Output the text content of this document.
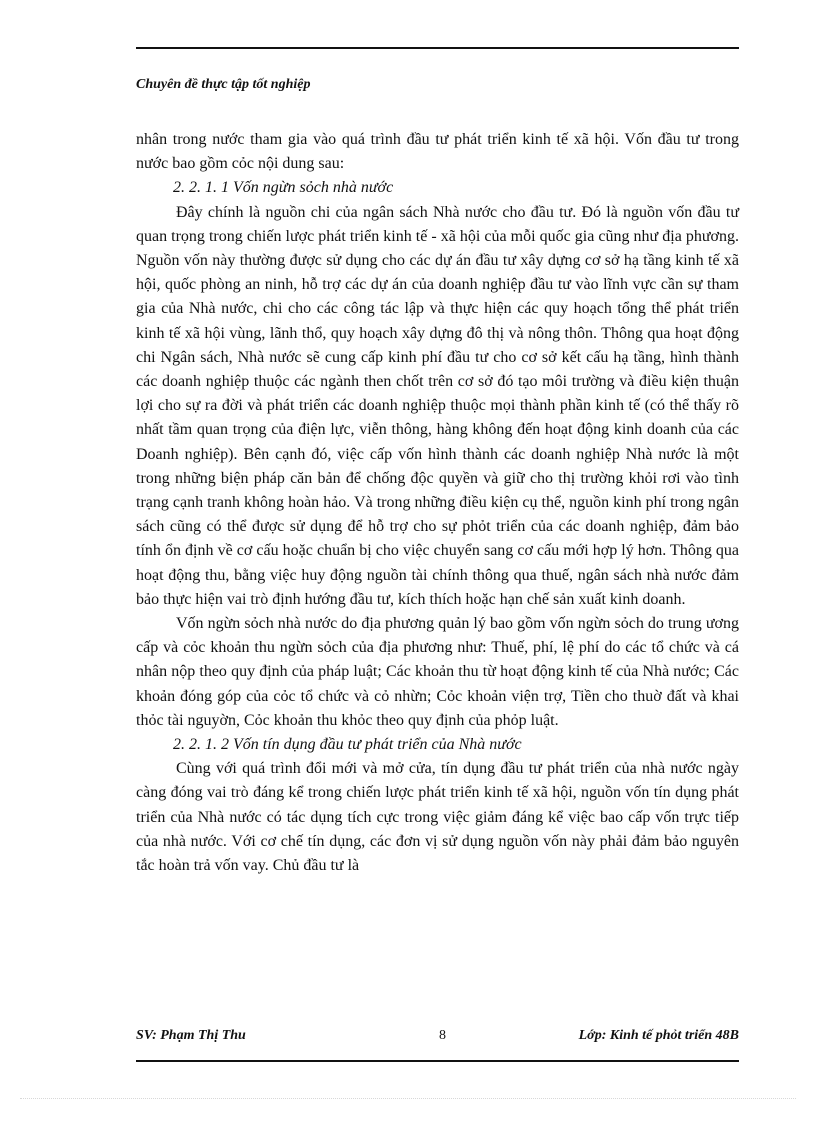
Chuyên đề thực tập tốt nghiệp

nhân trong nước tham gia vào quá trình đầu tư phát triển kinh tế xã hội. Vốn đầu tư trong nước bao gồm cỏc nội dung sau:

2. 2. 1. 1 Vốn ngừn sỏch nhà nước

Đây chính là nguồn chi của ngân sách Nhà nước cho đầu tư. Đó là nguồn vốn đầu tư quan trọng trong chiến lược phát triển kinh tế - xã hội của mỗi quốc gia cũng như địa phương. Nguồn vốn này thường được sử dụng cho các dự án đầu tư xây dựng cơ sở hạ tầng kinh tế xã hội, quốc phòng an ninh, hỗ trợ các dự án của doanh nghiệp đầu tư vào lĩnh vực cần sự tham gia của Nhà nước, chi cho các công tác lập và thực hiện các quy hoạch tổng thể phát triển kinh tế xã hội vùng, lãnh thổ, quy hoạch xây dựng đô thị và nông thôn. Thông qua hoạt động chi Ngân sách, Nhà nước sẽ cung cấp kinh phí đầu tư cho cơ sở kết cấu hạ tầng, hình thành các doanh nghiệp thuộc các ngành then chốt trên cơ sở đó tạo môi trường và điều kiện thuận lợi cho sự ra đời và phát triển các doanh nghiệp thuộc mọi thành phần kinh tế (có thể thấy rõ nhất tầm quan trọng của điện lực, viễn thông, hàng không đến hoạt động kinh doanh của các Doanh nghiệp). Bên cạnh đó, việc cấp vốn hình thành các doanh nghiệp Nhà nước là một trong những biện pháp căn bản để chống độc quyền và giữ cho thị trường khỏi rơi vào tình trạng cạnh tranh không hoàn hảo. Và trong những điều kiện cụ thể, nguồn kinh phí trong ngân sách cũng có thể được sử dụng để hỗ trợ cho sự phỏt triển của các doanh nghiệp, đảm bảo tính ổn định về cơ cấu hoặc chuẩn bị cho việc chuyển sang cơ cấu mới hợp lý hơn. Thông qua hoạt động thu, bằng việc huy động nguồn tài chính thông qua thuế, ngân sách nhà nước đảm bảo thực hiện vai trò định hướng đầu tư, kích thích hoặc hạn chế sản xuất kinh doanh.

Vốn ngừn sỏch nhà nước do địa phương quản lý bao gồm vốn ngừn sỏch do trung ương cấp và cỏc khoản thu ngừn sỏch của địa phương như: Thuế, phí, lệ phí do các tổ chức và cá nhân nộp theo quy định của pháp luật; Các khoản thu từ hoạt động kinh tế của Nhà nước; Các khoản đóng góp của cỏc tổ chức và cỏ nhừn; Cỏc khoản viện trợ, Tiền cho thuờ đất và khai thỏc tài nguyờn, Cỏc khoản thu khỏc theo quy định của phỏp luật.

2. 2. 1. 2 Vốn tín dụng đầu tư phát triển của Nhà nước

Cùng với quá trình đổi mới và mở cửa, tín dụng đầu tư phát triển của nhà nước ngày càng đóng vai trò đáng kể trong chiến lược phát triển kinh tế xã hội, nguồn vốn tín dụng phát triển của Nhà nước có tác dụng tích cực trong việc giảm đáng kể việc bao cấp vốn trực tiếp của nhà nước. Với cơ chế tín dụng, các đơn vị sử dụng nguồn vốn này phải đảm bảo nguyên tắc hoàn trả vốn vay. Chủ đầu tư là

SV: Phạm Thị Thu	8	Lớp: Kinh tế phỏt triển 48B
